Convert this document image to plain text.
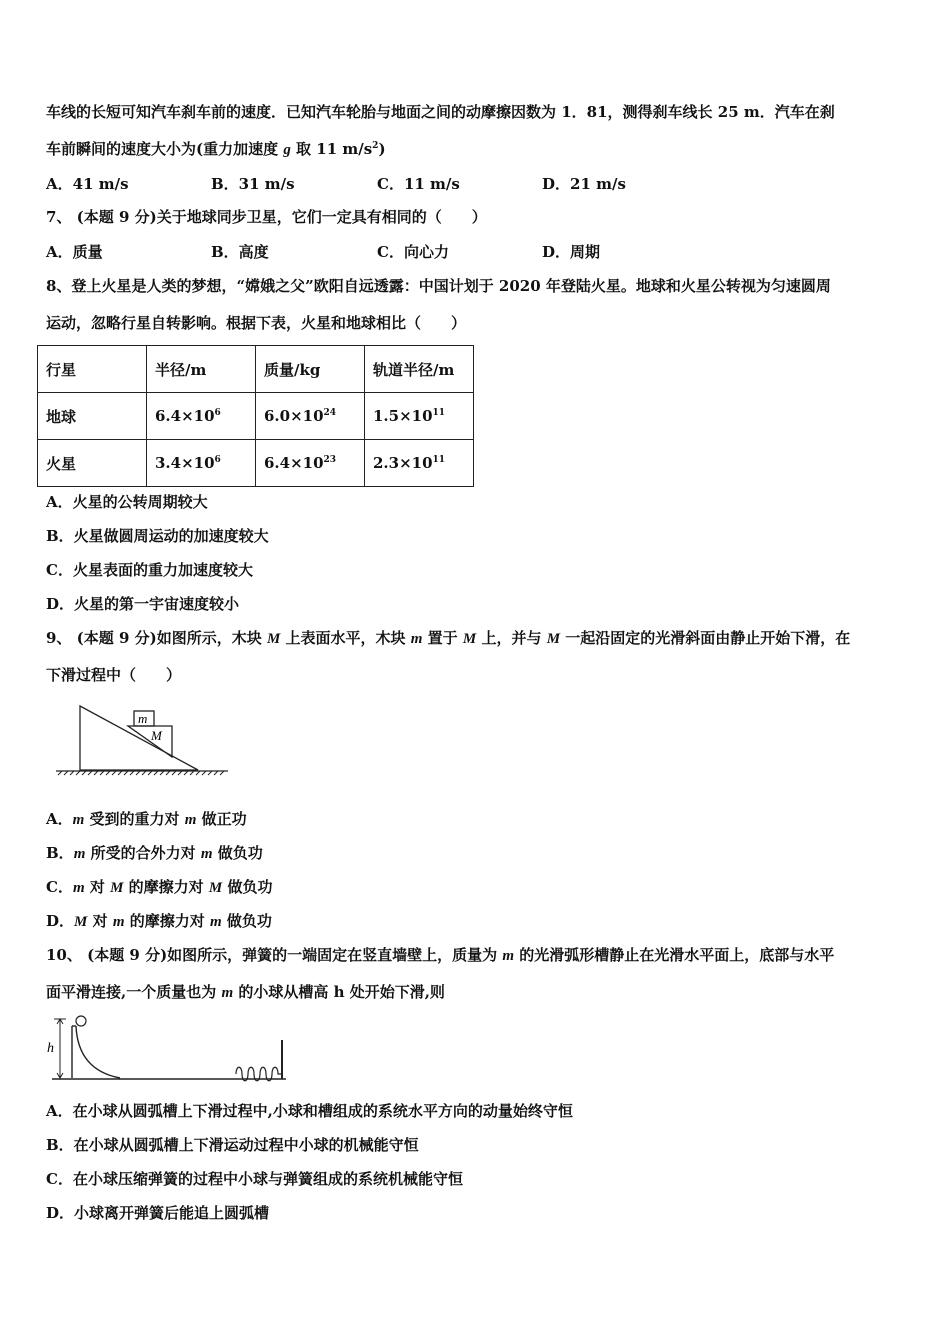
车线的长短可知汽车刹车前的速度．已知汽车轮胎与地面之间的动摩擦因数为 1．81，测得刹车线长 25 m．汽车在刹
车前瞬间的速度大小为(重力加速度 g 取 11 $m/s^2$)
A．41 m/s	B．31 m/s	C．11 m/s	D．21 m/s
7、 (本题 9 分)关于地球同步卫星，它们一定具有相同的（　　）
A．质量	B．高度	C．向心力	D．周期
8、登上火星是人类的梦想，“嫦娥之父”欧阳自远透露：中国计划于 2020 年登陆火星。地球和火星公转视为匀速圆周
运动，忽略行星自转影响。根据下表，火星和地球相比（　　）
行星	半径/m	质量/kg	轨道半径/m
地球	$6.4\times 10^6$	$6.0\times 10^{24}$	$1.5\times 10^{11}$
火星	$3.4\times 10^6$	$6.4\times 10^{23}$	$2.3\times 10^{11}$
A．火星的公转周期较大
B．火星做圆周运动的加速度较大
C．火星表面的重力加速度较大
D．火星的第一宇宙速度较小
9、 (本题 9 分)如图所示，木块 M 上表面水平，木块 m 置于 M 上，并与 M 一起沿固定的光滑斜面由静止开始下滑，在
下滑过程中（　　）
m
M
A．m 受到的重力对 m 做正功
B．m 所受的合外力对 m 做负功
C．m 对 M 的摩擦力对 M 做负功
D．M 对 m 的摩擦力对 m 做负功
10、 (本题 9 分)如图所示，弹簧的一端固定在竖直墙壁上，质量为 m 的光滑弧形槽静止在光滑水平面上，底部与水平
面平滑连接,一个质量也为 m 的小球从槽高 h 处开始下滑,则
h
A．在小球从圆弧槽上下滑过程中,小球和槽组成的系统水平方向的动量始终守恒
B．在小球从圆弧槽上下滑运动过程中小球的机械能守恒
C．在小球压缩弹簧的过程中小球与弹簧组成的系统机械能守恒
D．小球离开弹簧后能追上圆弧槽
